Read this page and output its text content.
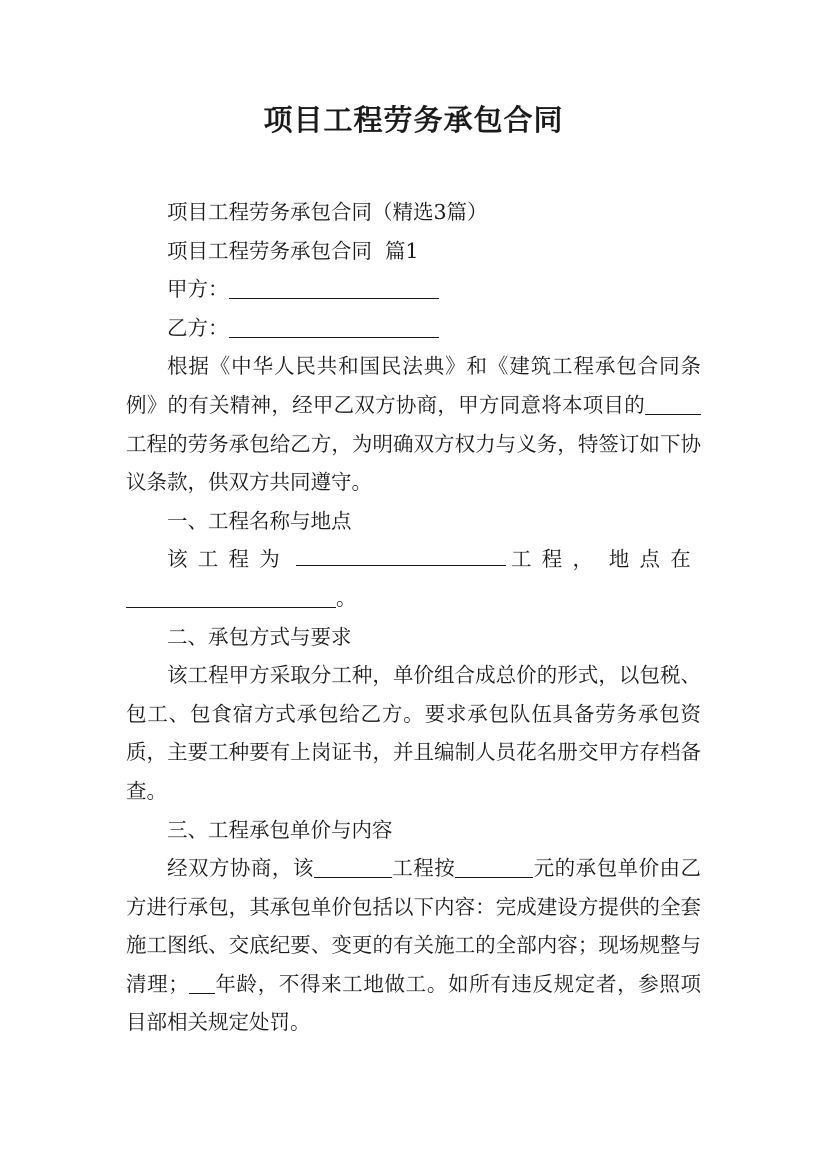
项目工程劳务承包合同

项目工程劳务承包合同（精选3篇）

项目工程劳务承包合同  篇1

甲方：

乙方：

根据《中华人民共和国民法典》和《建筑工程承包合同条例》的有关精神，经甲乙双方协商，甲方同意将本项目的工程的劳务承包给乙方，为明确双方权力与义务，特签订如下协议条款，供双方共同遵守。

一、工程名称与地点

该工程为	工程， 地点在
。

二、承包方式与要求

该工程甲方采取分工种，单价组合成总价的形式，以包税、包工、包食宿方式承包给乙方。要求承包队伍具备劳务承包资质，主要工种要有上岗证书，并且编制人员花名册交甲方存档备查。

三、工程承包单价与内容

经双方协商，该	工程按	元的承包单价由乙方进行承包，其承包单价包括以下内容：完成建设方提供的全套施工图纸、交底纪要、变更的有关施工的全部内容；现场规整与清理； 年龄，不得来工地做工。如所有违反规定者，参照项目部相关规定处罚。
